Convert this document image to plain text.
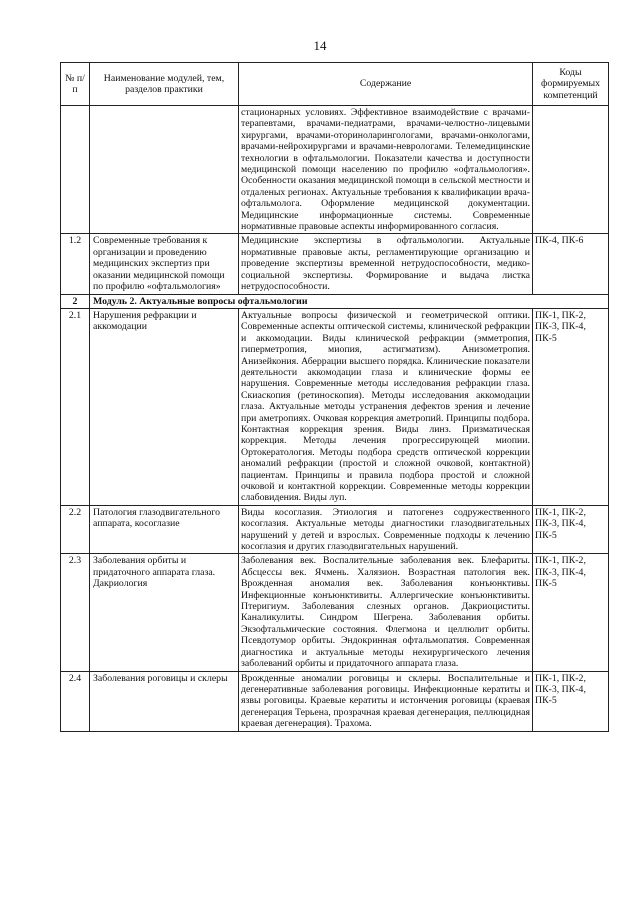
14
№ п/п	Наименование модулей, тем, разделов практики	Содержание	Коды формируемых компетенций
		стационарных условиях. Эффективное взаимодействие с врачами-терапевтами, врачами-педиатрами, врачами-челюстно-лицевыми хирургами, врачами-оториноларингологами, врачами-онкологами, врачами-нейрохирургами и врачами-неврологами. Телемедицинские технологии в офтальмологии. Показатели качества и доступности медицинской помощи населению по профилю «офтальмология». Особенности оказания медицинской помощи в сельской местности и отдаленых регионах. Актуальные требования к квалификации врача-офтальмолога. Оформление медицинской документации. Медицинские информационные системы. Современные нормативные правовые аспекты информированного согласия.	
1.2	Современные требования к организации и проведению медицинских экспертиз при оказании медицинской помощи по профилю «офтальмология»	Медицинские экспертизы в офтальмологии. Актуальные нормативные правовые акты, регламентирующие организацию и проведение экспертизы временной нетрудоспособности, медико-социальной экспертизы. Формирование и выдача листка нетрудоспособности.	ПК-4, ПК-6
2	Модуль 2. Актуальные вопросы офтальмологии		
2.1	Нарушения рефракции и аккомодации	Актуальные вопросы физической и геометрической оптики. Современные аспекты оптической системы, клинической рефракции и аккомодации. Виды клинической рефракции (эмметропия, гиперметропия, миопия, астигматизм). Анизометропия. Анизейкония. Аберрации высшего порядка. Клинические показатели деятельности аккомодации глаза и клинические формы ее нарушения. Современные методы исследования рефракции глаза. Скиаскопия (ретиноскопия). Методы исследования аккомодации глаза. Актуальные методы устранения дефектов зрения и лечение при аметропиях. Очковая коррекция аметропий. Принципы подбора. Контактная коррекция зрения. Виды линз. Призматическая коррекция. Методы лечения прогрессирующей миопии. Ортокератология. Методы подбора средств оптической коррекции аномалий рефракции (простой и сложной очковой, контактной) пациентам. Принципы и правила подбора простой и сложной очковой и контактной коррекции. Современные методы коррекции слабовидения. Виды луп.	ПК-1, ПК-2, ПК-3, ПК-4, ПК-5
2.2	Патология глазодвигательного аппарата, косоглазие	Виды косоглазия. Этиология и патогенез содружественного косоглазия. Актуальные методы диагностики глазодвигательных нарушений у детей и взрослых. Современные подходы к лечению косоглазия и других глазодвигательных нарушений.	ПК-1, ПК-2, ПК-3, ПК-4, ПК-5
2.3	Заболевания орбиты и придаточного аппарата глаза. Дакриология	Заболевания век. Воспалительные заболевания век. Блефариты. Абсцессы век. Ячмень. Халязион. Возрастная патология век. Врожденная аномалия век. Заболевания конъюнктивы. Инфекционные конъюнктивиты. Аллергические конъюнктивиты. Птеригиум. Заболевания слезных органов. Дакриоциститы. Каналикулиты. Синдром Шегрена. Заболевания орбиты. Экзофтальмические состояния. Флегмона и целлюлит орбиты. Псевдотумор орбиты. Эндокринная офтальмопатия. Современная диагностика и актуальные методы нехирургического лечения заболеваний орбиты и придаточного аппарата глаза.	ПК-1, ПК-2, ПК-3, ПК-4, ПК-5
2.4	Заболевания роговицы и склеры	Врожденные аномалии роговицы и склеры. Воспалительные и дегенеративные заболевания роговицы. Инфекционные кератиты и язвы роговицы. Краевые кератиты и истончения роговицы (краевая дегенерация Терьена, прозрачная краевая дегенерация, пеллюцидная краевая дегенерация). Трахома.	ПК-1, ПК-2, ПК-3, ПК-4, ПК-5
